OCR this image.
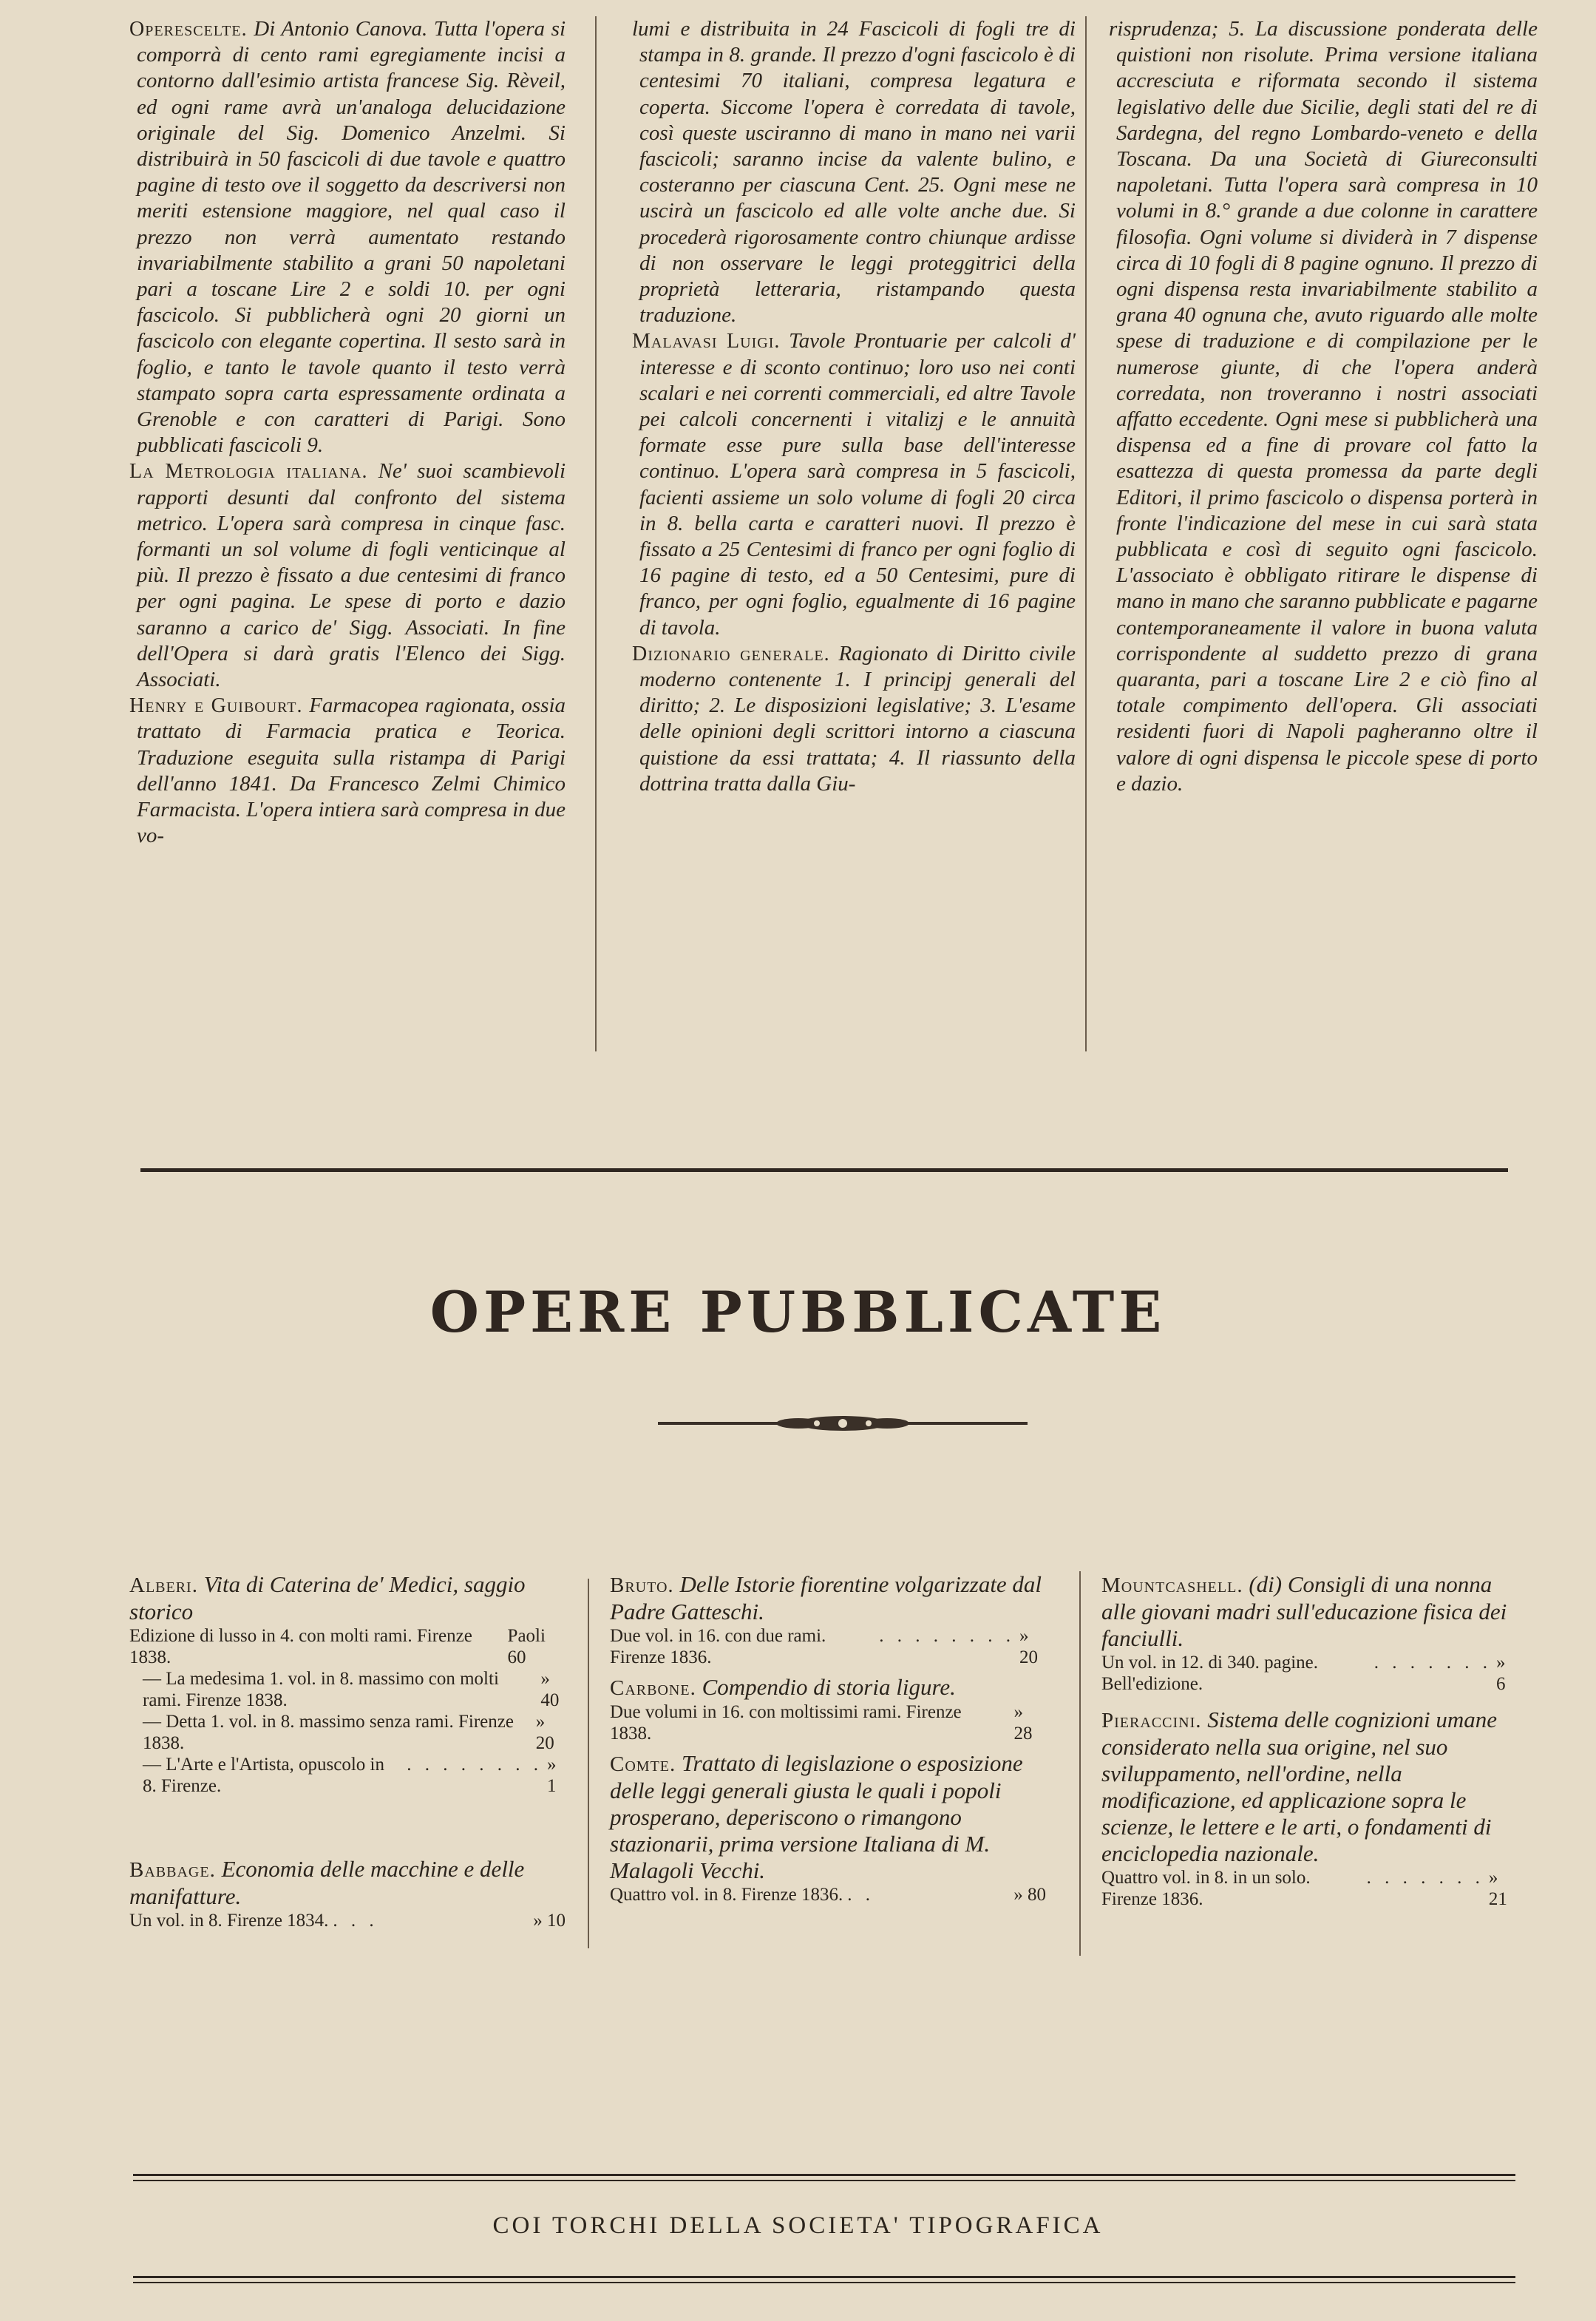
Operescelte. Di Antonio Canova. Tutta l'opera si comporrà di cento rami egregiamente incisi a contorno dall'esimio artista francese Sig. Rèveil, ed ogni rame avrà un'analoga delucidazione originale del Sig. Domenico Anzelmi. Si distribuirà in 50 fascicoli di due tavole e quattro pagine di testo ove il soggetto da descriversi non meriti estensione maggiore, nel qual caso il prezzo non verrà aumentato restando invariabilmente stabilito a grani 50 napoletani pari a toscane Lire 2 e soldi 10. per ogni fascicolo. Si pubblicherà ogni 20 giorni un fascicolo con elegante copertina. Il sesto sarà in foglio, e tanto le tavole quanto il testo verrà stampato sopra carta espressamente ordinata a Grenoble e con caratteri di Parigi. Sono pubblicati fascicoli 9.

La Metrologia italiana. Ne' suoi scambievoli rapporti desunti dal confronto del sistema metrico. L'opera sarà compresa in cinque fasc. formanti un sol volume di fogli venticinque al più. Il prezzo è fissato a due centesimi di franco per ogni pagina. Le spese di porto e dazio saranno a carico de' Sigg. Associati. In fine dell'Opera si darà gratis l'Elenco dei Sigg. Associati.

Henry e Guibourt. Farmacopea ragionata, ossia trattato di Farmacia pratica e Teorica. Traduzione eseguita sulla ristampa di Parigi dell'anno 1841. Da Francesco Zelmi Chimico Farmacista. L'opera intiera sarà compresa in due vo-

lumi e distribuita in 24 Fascicoli di fogli tre di stampa in 8. grande. Il prezzo d'ogni fascicolo è di centesimi 70 italiani, compresa legatura e coperta. Siccome l'opera è corredata di tavole, così queste usciranno di mano in mano nei varii fascicoli; saranno incise da valente bulino, e costeranno per ciascuna Cent. 25. Ogni mese ne uscirà un fascicolo ed alle volte anche due. Si procederà rigorosamente contro chiunque ardisse di non osservare le leggi proteggitrici della proprietà letteraria, ristampando questa traduzione.

Malavasi Luigi. Tavole Prontuarie per calcoli d' interesse e di sconto continuo; loro uso nei conti scalari e nei correnti commerciali, ed altre Tavole pei calcoli concernenti i vitalizj e le annuità formate esse pure sulla base dell'interesse continuo. L'opera sarà compresa in 5 fascicoli, facienti assieme un solo volume di fogli 20 circa in 8. bella carta e caratteri nuovi. Il prezzo è fissato a 25 Centesimi di franco per ogni foglio di 16 pagine di testo, ed a 50 Centesimi, pure di franco, per ogni foglio, egualmente di 16 pagine di tavola.

Dizionario generale. Ragionato di Diritto civile moderno contenente 1. I principj generali del diritto; 2. Le disposizioni legislative; 3. L'esame delle opinioni degli scrittori intorno a ciascuna quistione da essi trattata; 4. Il riassunto della dottrina tratta dalla Giu-

risprudenza; 5. La discussione ponderata delle quistioni non risolute. Prima versione italiana accresciuta e riformata secondo il sistema legislativo delle due Sicilie, degli stati del re di Sardegna, del regno Lombardo-veneto e della Toscana. Da una Società di Giureconsulti napoletani. Tutta l'opera sarà compresa in 10 volumi in 8.° grande a due colonne in carattere filosofia. Ogni volume si dividerà in 7 dispense circa di 10 fogli di 8 pagine ognuno. Il prezzo di ogni dispensa resta invariabilmente stabilito a grana 40 ognuna che, avuto riguardo alle molte spese di traduzione e di compilazione per le numerose giunte, di che l'opera anderà corredata, non troveranno i nostri associati affatto eccedente. Ogni mese si pubblicherà una dispensa ed a fine di provare col fatto la esattezza di questa promessa da parte degli Editori, il primo fascicolo o dispensa porterà in fronte l'indicazione del mese in cui sarà stata pubblicata e così di seguito ogni fascicolo. L'associato è obbligato ritirare le dispense di mano in mano che saranno pubblicate e pagarne contemporaneamente il valore in buona valuta corrispondente al suddetto prezzo di grana quaranta, pari a toscane Lire 2 e ciò fino al totale compimento dell'opera. Gli associati residenti fuori di Napoli pagheranno oltre il valore di ogni dispensa le piccole spese di porto e dazio.

OPERE PUBBLICATE
Alberi. Vita di Caterina de' Medici, saggio storico
Edizione di lusso in 4. con molti rami. Firenze 1838.
Paoli 60
— La medesima 1. vol. in 8. massimo con molti rami. Firenze 1838.
» 40
— Detta 1. vol. in 8. massimo senza rami. Firenze 1838.
» 20
— L'Arte e l'Artista, opuscolo in 8. Firenze.
. . . . . . . . » 1
Babbage. Economia delle macchine e delle manifatture.
Un vol. in 8. Firenze 1834. . . .	» 10
Bruto. Delle Istorie fiorentine volgarizzate dal Padre Gatteschi.
Due vol. in 16. con due rami. Firenze 1836.
. . . . . . . . » 20
Carbone. Compendio di storia ligure.
Due volumi in 16. con moltissimi rami. Firenze 1838.
» 28
Comte. Trattato di legislazione o esposizione delle leggi generali giusta le quali i popoli prosperano, deperiscono o rimangono stazionarii, prima versione Italiana di M. Malagoli Vecchi.
Quattro vol. in 8. Firenze 1836. . .	» 80
Mountcashell. (di) Consigli di una nonna alle giovani madri sull'educazione fisica dei fanciulli.
Un vol. in 12. di 340. pagine. Bell'edizione.
. . . . . . . » 6
Pieraccini. Sistema delle cognizioni umane considerato nella sua origine, nel suo sviluppamento, nell'ordine, nella modificazione, ed applicazione sopra le scienze, le lettere e le arti, o fondamenti di enciclopedia nazionale.
Quattro vol. in 8. in un solo. Firenze 1836.
. . . . . . . » 21
COI TORCHI DELLA SOCIETA' TIPOGRAFICA
